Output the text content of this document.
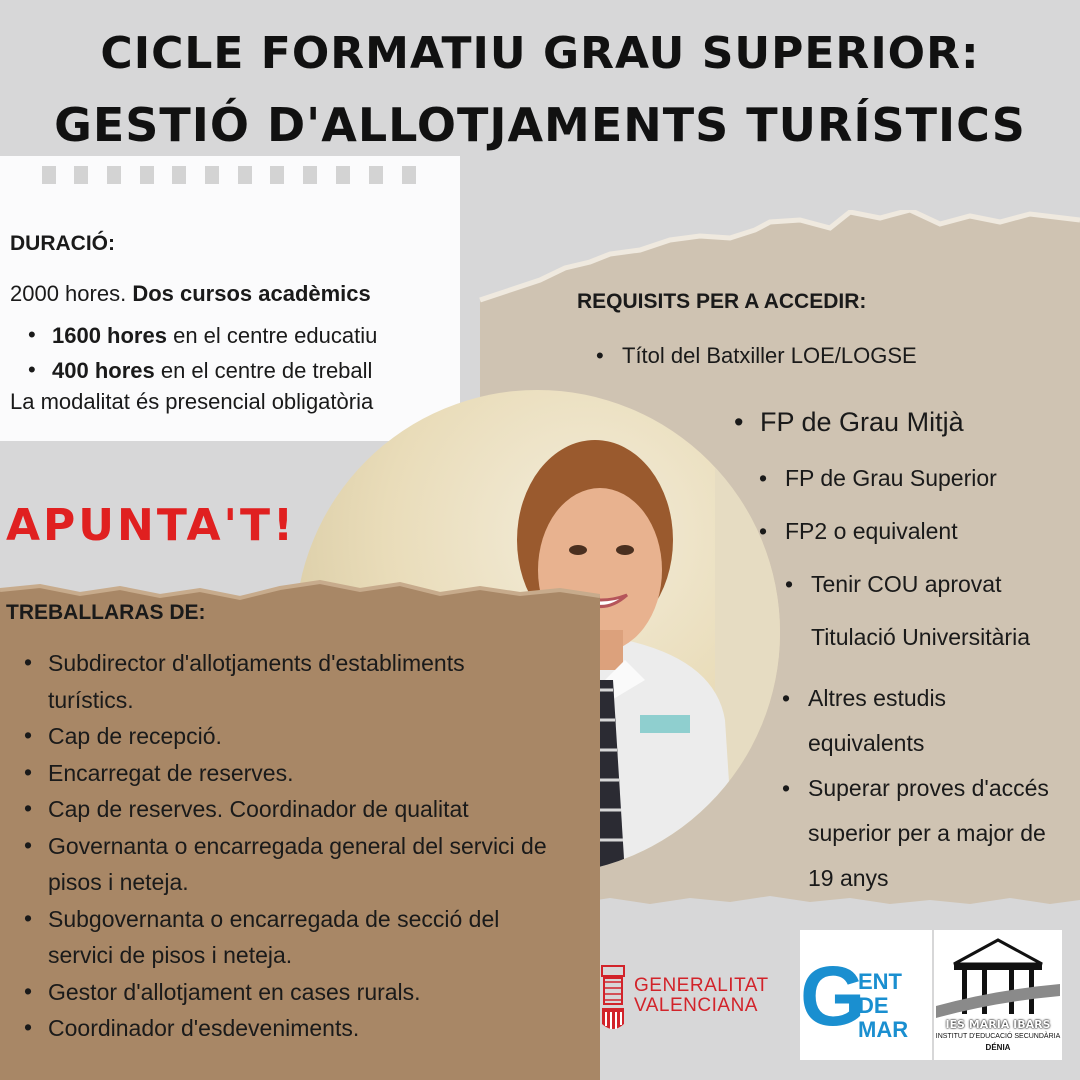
CICLE FORMATIU GRAU SUPERIOR:
GESTIÓ D'ALLOTJAMENTS TURÍSTICS
DURACIÓ:
2000 hores. Dos cursos acadèmics
• 1600 hores en el centre educatiu
• 400 hores en el centre de treball
La modalitat és presencial obligatòria
APUNTA'T!
TREBALLARAS DE:
• Subdirector d'allotjaments d'establiments turístics.
• Cap de recepció.
• Encarregat de reserves.
• Cap de reserves. Coordinador de qualitat
• Governanta o encarregada general del servici de pisos i neteja.
• Subgovernanta o encarregada de secció del servici de pisos i neteja.
• Gestor d'allotjament en cases rurals.
• Coordinador d'esdeveniments.
REQUISITS PER A ACCEDIR:
• Títol del Batxiller LOE/LOGSE
• FP de Grau Mitjà
• FP de Grau Superior
• FP2 o equivalent
• Tenir COU aprovat
• Titulació Universitària
• Altres estudis equivalents
• Superar proves d'accés superior per a major de 19 anys
GENERALITAT
VALENCIANA G
ENT
DE MAR	IES MARIA IBARS
INSTITUT D'EDUCACIÓ SECUNDÀRIA
DÉNIA
